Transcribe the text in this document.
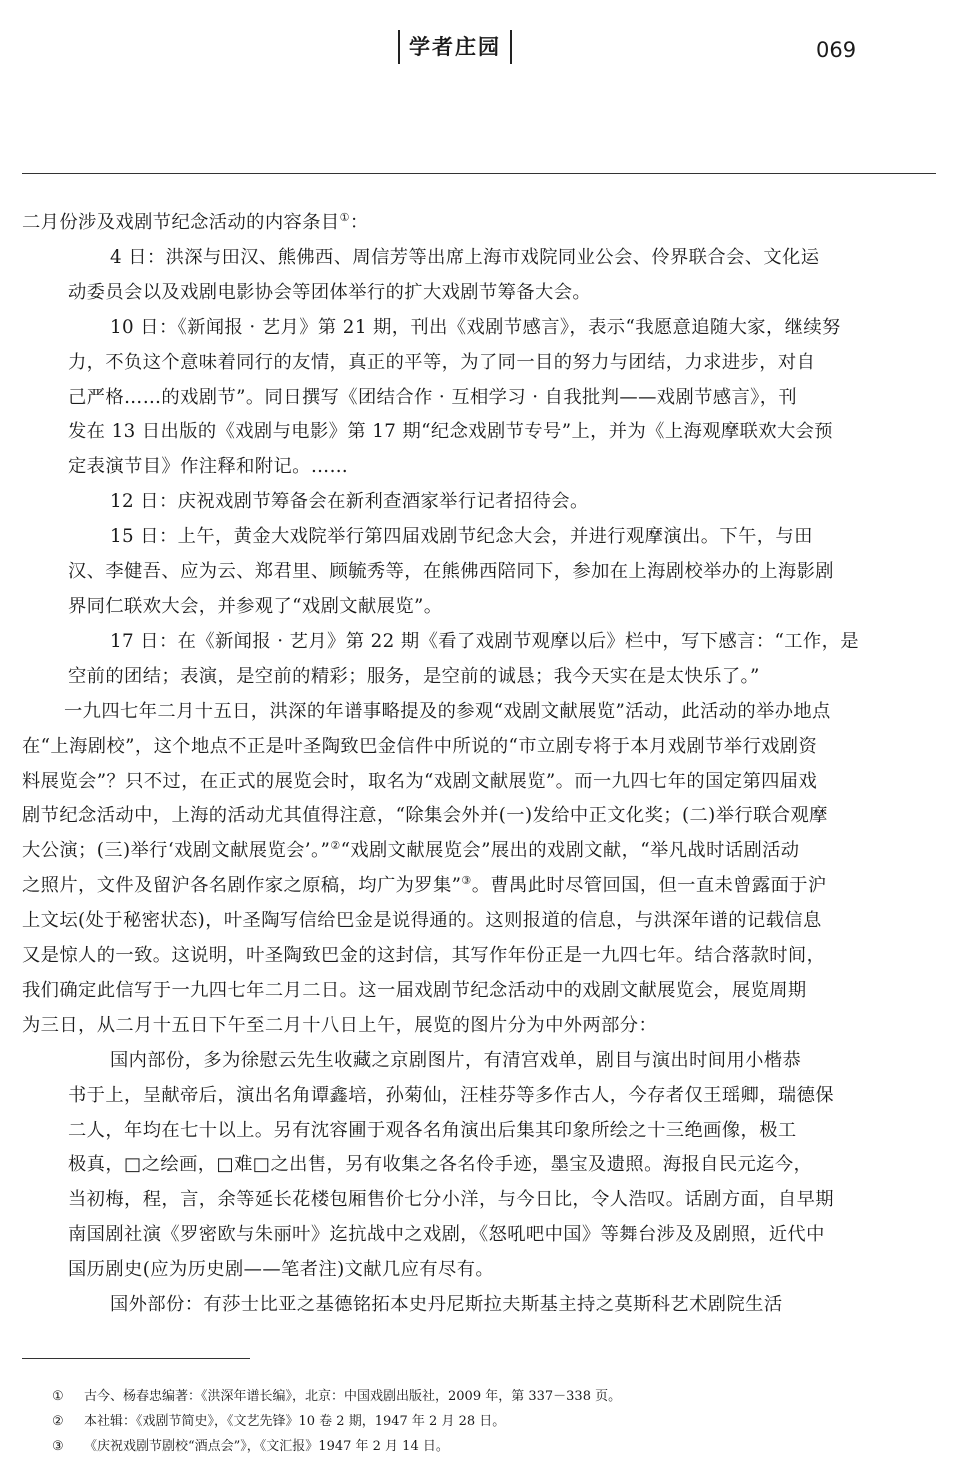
学者庄园	069

二月份涉及戏剧节纪念活动的内容条目①：

4 日：洪深与田汉、熊佛西、周信芳等出席上海市戏院同业公会、伶界联合会、文化运
动委员会以及戏剧电影协会等团体举行的扩大戏剧节筹备大会。

10 日：《新闻报 · 艺月》第 21 期，刊出《戏剧节感言》，表示“我愿意追随大家，继续努
力，不负这个意味着同行的友情，真正的平等，为了同一目的努力与团结，力求进步，对自
己严格……的戏剧节”。同日撰写《团结合作 · 互相学习 · 自我批判——戏剧节感言》，刊
发在 13 日出版的《戏剧与电影》第 17 期“纪念戏剧节专号”上，并为《上海观摩联欢大会预
定表演节目》作注释和附记。……

12 日：庆祝戏剧节筹备会在新利查酒家举行记者招待会。

15 日：上午，黄金大戏院举行第四届戏剧节纪念大会，并进行观摩演出。下午，与田
汉、李健吾、应为云、郑君里、顾毓秀等，在熊佛西陪同下，参加在上海剧校举办的上海影剧
界同仁联欢大会，并参观了“戏剧文献展览”。

17 日：在《新闻报 · 艺月》第 22 期《看了戏剧节观摩以后》栏中，写下感言：“工作，是
空前的团结；表演，是空前的精彩；服务，是空前的诚恳；我今天实在是太快乐了。”

一九四七年二月十五日，洪深的年谱事略提及的参观“戏剧文献展览”活动，此活动的举办地点
在“上海剧校”，这个地点不正是叶圣陶致巴金信件中所说的“市立剧专将于本月戏剧节举行戏剧资
料展览会”？只不过，在正式的展览会时，取名为“戏剧文献展览”。而一九四七年的国定第四届戏
剧节纪念活动中，上海的活动尤其值得注意，“除集会外并(一)发给中正文化奖；(二)举行联合观摩
大公演；(三)举行‘戏剧文献展览会’。”②“戏剧文献展览会”展出的戏剧文献，“举凡战时话剧活动
之照片，文件及留沪各名剧作家之原稿，均广为罗集”③。曹禺此时尽管回国，但一直未曾露面于沪
上文坛(处于秘密状态)，叶圣陶写信给巴金是说得通的。这则报道的信息，与洪深年谱的记载信息
又是惊人的一致。这说明，叶圣陶致巴金的这封信，其写作年份正是一九四七年。结合落款时间，
我们确定此信写于一九四七年二月二日。这一届戏剧节纪念活动中的戏剧文献展览会，展览周期
为三日，从二月十五日下午至二月十八日上午，展览的图片分为中外两部分：

国内部份，多为徐慰云先生收藏之京剧图片，有清宫戏单，剧目与演出时间用小楷恭
书于上，呈献帝后，演出名角谭鑫培，孙菊仙，汪桂芬等多作古人，今存者仅王瑶卿，瑞德保
二人，年均在七十以上。另有沈容圃于观各名角演出后集其印象所绘之十三绝画像，极工
极真，□之绘画，□难□之出售，另有收集之各名伶手迹，墨宝及遗照。海报自民元迄今，
当初梅，程，言，余等延长花楼包厢售价七分小洋，与今日比，令人浩叹。话剧方面，自早期
南国剧社演《罗密欧与朱丽叶》迄抗战中之戏剧，《怒吼吧中国》等舞台涉及及剧照，近代中
国历剧史(应为历史剧——笔者注)文献几应有尽有。

国外部份：有莎士比亚之基德铭拓本史丹尼斯拉夫斯基主持之莫斯科艺术剧院生活

① 古今、杨春忠编著：《洪深年谱长编》，北京：中国戏剧出版社，2009 年，第 337－338 页。
② 本社辑：《戏剧节简史》，《文艺先锋》10 卷 2 期，1947 年 2 月 28 日。
③ 《庆祝戏剧节剧校“酒点会”》，《文汇报》1947 年 2 月 14 日。
